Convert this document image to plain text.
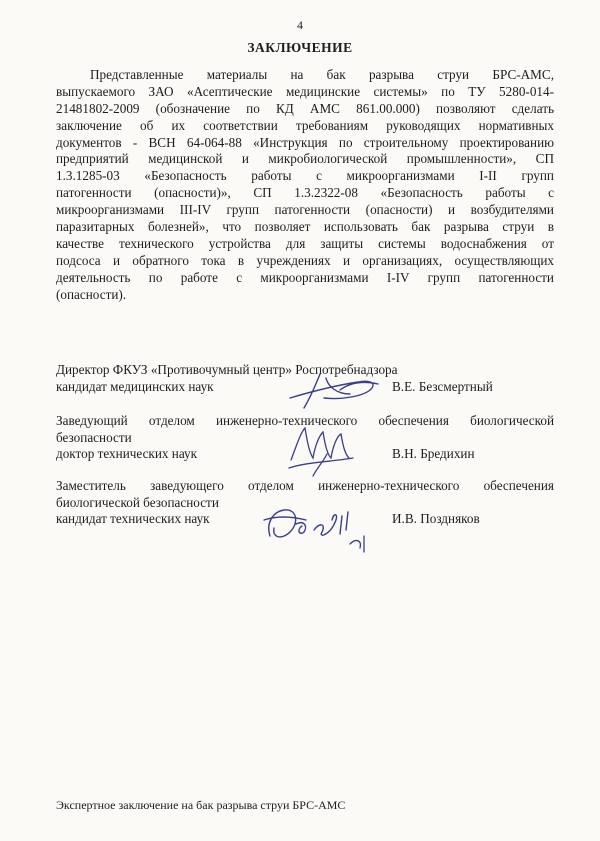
4
ЗАКЛЮЧЕНИЕ
Представленные материалы на бак разрыва струи БРС-АМС,
выпускаемого ЗАО «Асептические медицинские системы» по ТУ 5280-014-
21481802-2009 (обозначение по КД АМС 861.00.000) позволяют сделать
заключение об их соответствии требованиям руководящих нормативных
документов - ВСН 64-064-88 «Инструкция по строительному проектированию
предприятий медицинской и микробиологической промышленности», СП
1.3.1285-03 «Безопасность работы с микроорганизмами I-II групп
патогенности (опасности)», СП 1.3.2322-08 «Безопасность работы с
микроорганизмами III-IV групп патогенности (опасности) и возбудителями
паразитарных болезней», что позволяет использовать бак разрыва струи в
качестве технического устройства для защиты системы водоснабжения от
подсоса и обратного тока в учреждениях и организациях, осуществляющих
деятельность по работе с микроорганизмами I-IV групп патогенности
(опасности).
Директор ФКУЗ «Противочумный центр» Роспотребнадзора
кандидат медицинских наук	В.Е. Безсмертный
Заведующий отделом инженерно-технического обеспечения биологической
безопасности
доктор технических наук	В.Н. Бредихин
Заместитель заведующего отделом инженерно-технического обеспечения
биологической безопасности
кандидат технических наук	И.В. Поздняков
Экспертное заключение на бак разрыва струи БРС-АМС
